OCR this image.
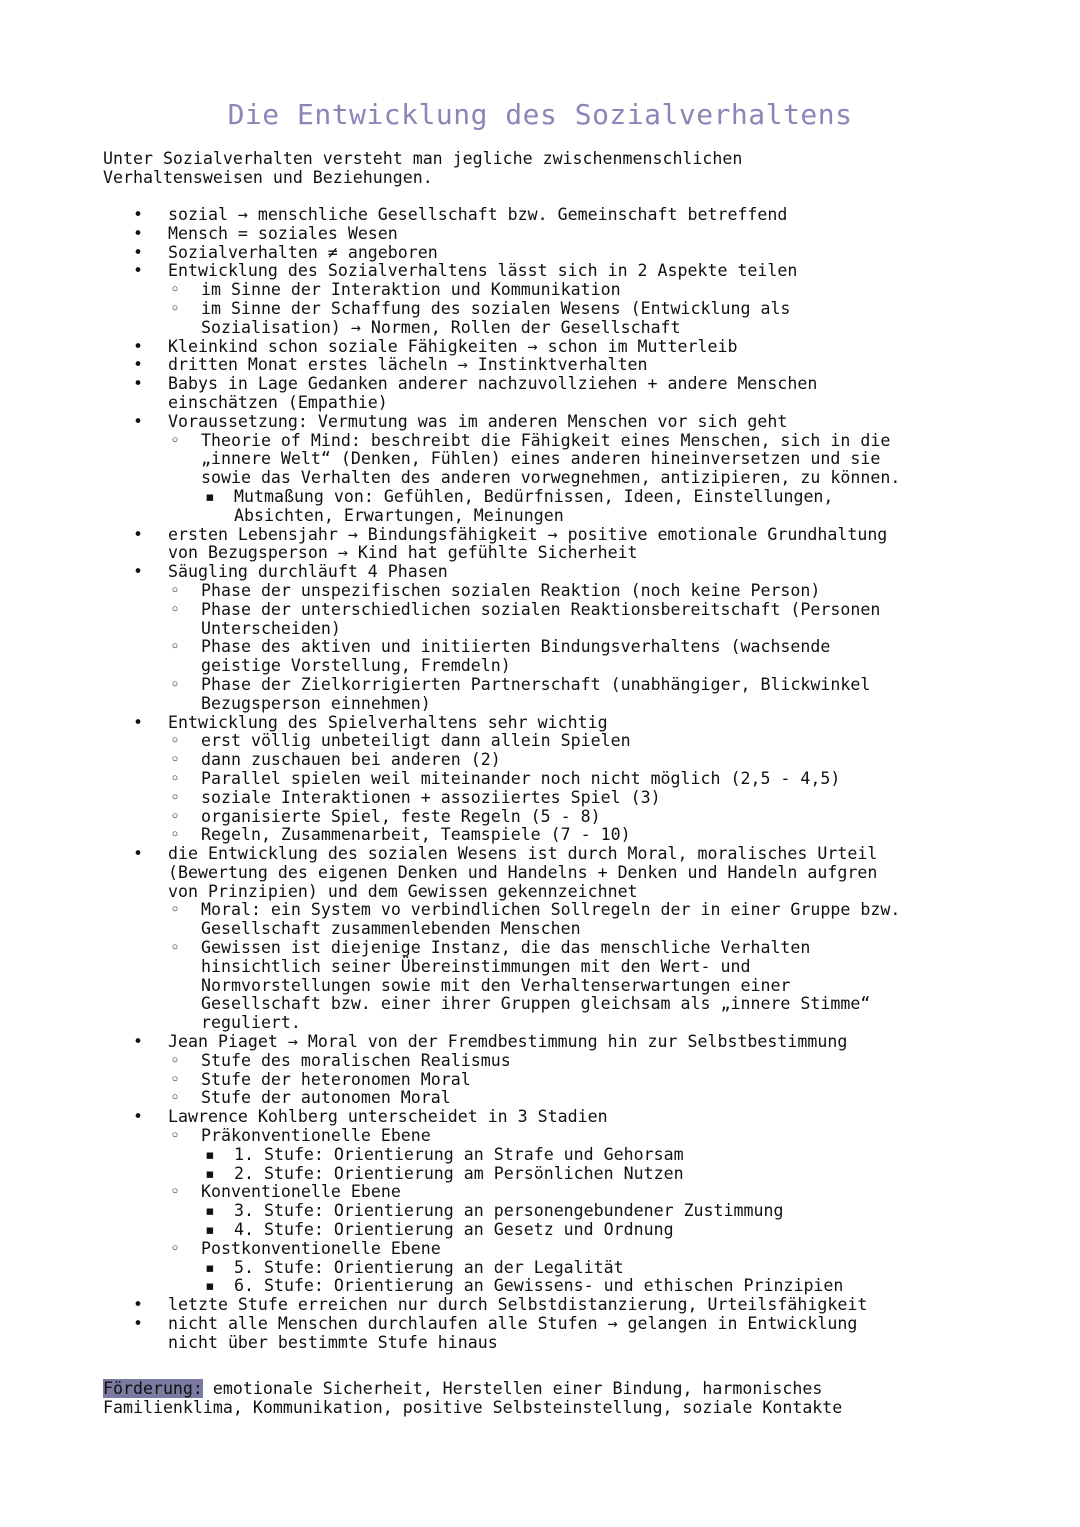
Die Entwicklung des Sozialverhaltens

Unter Sozialverhalten versteht man jegliche zwischenmenschlichen
Verhaltensweisen und Beziehungen.

• sozial → menschliche Gesellschaft bzw. Gemeinschaft betreffend
• Mensch = soziales Wesen
• Sozialverhalten ≠ angeboren
• Entwicklung des Sozialverhaltens lässt sich in 2 Aspekte teilen
◦ im Sinne der Interaktion und Kommunikation
◦ im Sinne der Schaffung des sozialen Wesens (Entwicklung als
Sozialisation) → Normen, Rollen der Gesellschaft
• Kleinkind schon soziale Fähigkeiten → schon im Mutterleib
• dritten Monat erstes lächeln → Instinktverhalten
• Babys in Lage Gedanken anderer nachzuvollziehen + andere Menschen
einschätzen (Empathie)
• Voraussetzung: Vermutung was im anderen Menschen vor sich geht
◦ Theorie of Mind: beschreibt die Fähigkeit eines Menschen, sich in die
„innere Welt“ (Denken, Fühlen) eines anderen hineinversetzen und sie
sowie das Verhalten des anderen vorwegnehmen, antizipieren, zu können.
▪ Mutmaßung von: Gefühlen, Bedürfnissen, Ideen, Einstellungen,
Absichten, Erwartungen, Meinungen
• ersten Lebensjahr → Bindungsfähigkeit → positive emotionale Grundhaltung
von Bezugsperson → Kind hat gefühlte Sicherheit
• Säugling durchläuft 4 Phasen
◦ Phase der unspezifischen sozialen Reaktion (noch keine Person)
◦ Phase der unterschiedlichen sozialen Reaktionsbereitschaft (Personen
Unterscheiden)
◦ Phase des aktiven und initiierten Bindungsverhaltens (wachsende
geistige Vorstellung, Fremdeln)
◦ Phase der Zielkorrigierten Partnerschaft (unabhängiger, Blickwinkel
Bezugsperson einnehmen)
• Entwicklung des Spielverhaltens sehr wichtig
◦ erst völlig unbeteiligt dann allein Spielen
◦ dann zuschauen bei anderen (2)
◦ Parallel spielen weil miteinander noch nicht möglich (2,5 - 4,5)
◦ soziale Interaktionen + assoziiertes Spiel (3)
◦ organisierte Spiel, feste Regeln (5 - 8)
◦ Regeln, Zusammenarbeit, Teamspiele (7 - 10)
• die Entwicklung des sozialen Wesens ist durch Moral, moralisches Urteil
(Bewertung des eigenen Denken und Handelns + Denken und Handeln aufgren
von Prinzipien) und dem Gewissen gekennzeichnet
◦ Moral: ein System vo verbindlichen Sollregeln der in einer Gruppe bzw.
Gesellschaft zusammenlebenden Menschen
◦ Gewissen ist diejenige Instanz, die das menschliche Verhalten
hinsichtlich seiner Übereinstimmungen mit den Wert- und
Normvorstellungen sowie mit den Verhaltenserwartungen einer
Gesellschaft bzw. einer ihrer Gruppen gleichsam als „innere Stimme“
reguliert.
• Jean Piaget → Moral von der Fremdbestimmung hin zur Selbstbestimmung
◦ Stufe des moralischen Realismus
◦ Stufe der heteronomen Moral
◦ Stufe der autonomen Moral
• Lawrence Kohlberg unterscheidet in 3 Stadien
◦ Präkonventionelle Ebene
▪ 1. Stufe: Orientierung an Strafe und Gehorsam
▪ 2. Stufe: Orientierung am Persönlichen Nutzen
◦ Konventionelle Ebene
▪ 3. Stufe: Orientierung an personengebundener Zustimmung
▪ 4. Stufe: Orientierung an Gesetz und Ordnung
◦ Postkonventionelle Ebene
▪ 5. Stufe: Orientierung an der Legalität
▪ 6. Stufe: Orientierung an Gewissens- und ethischen Prinzipien
• letzte Stufe erreichen nur durch Selbstdistanzierung, Urteilsfähigkeit
• nicht alle Menschen durchlaufen alle Stufen → gelangen in Entwicklung
nicht über bestimmte Stufe hinaus

Förderung: emotionale Sicherheit, Herstellen einer Bindung, harmonisches
Familienklima, Kommunikation, positive Selbsteinstellung, soziale Kontakte
